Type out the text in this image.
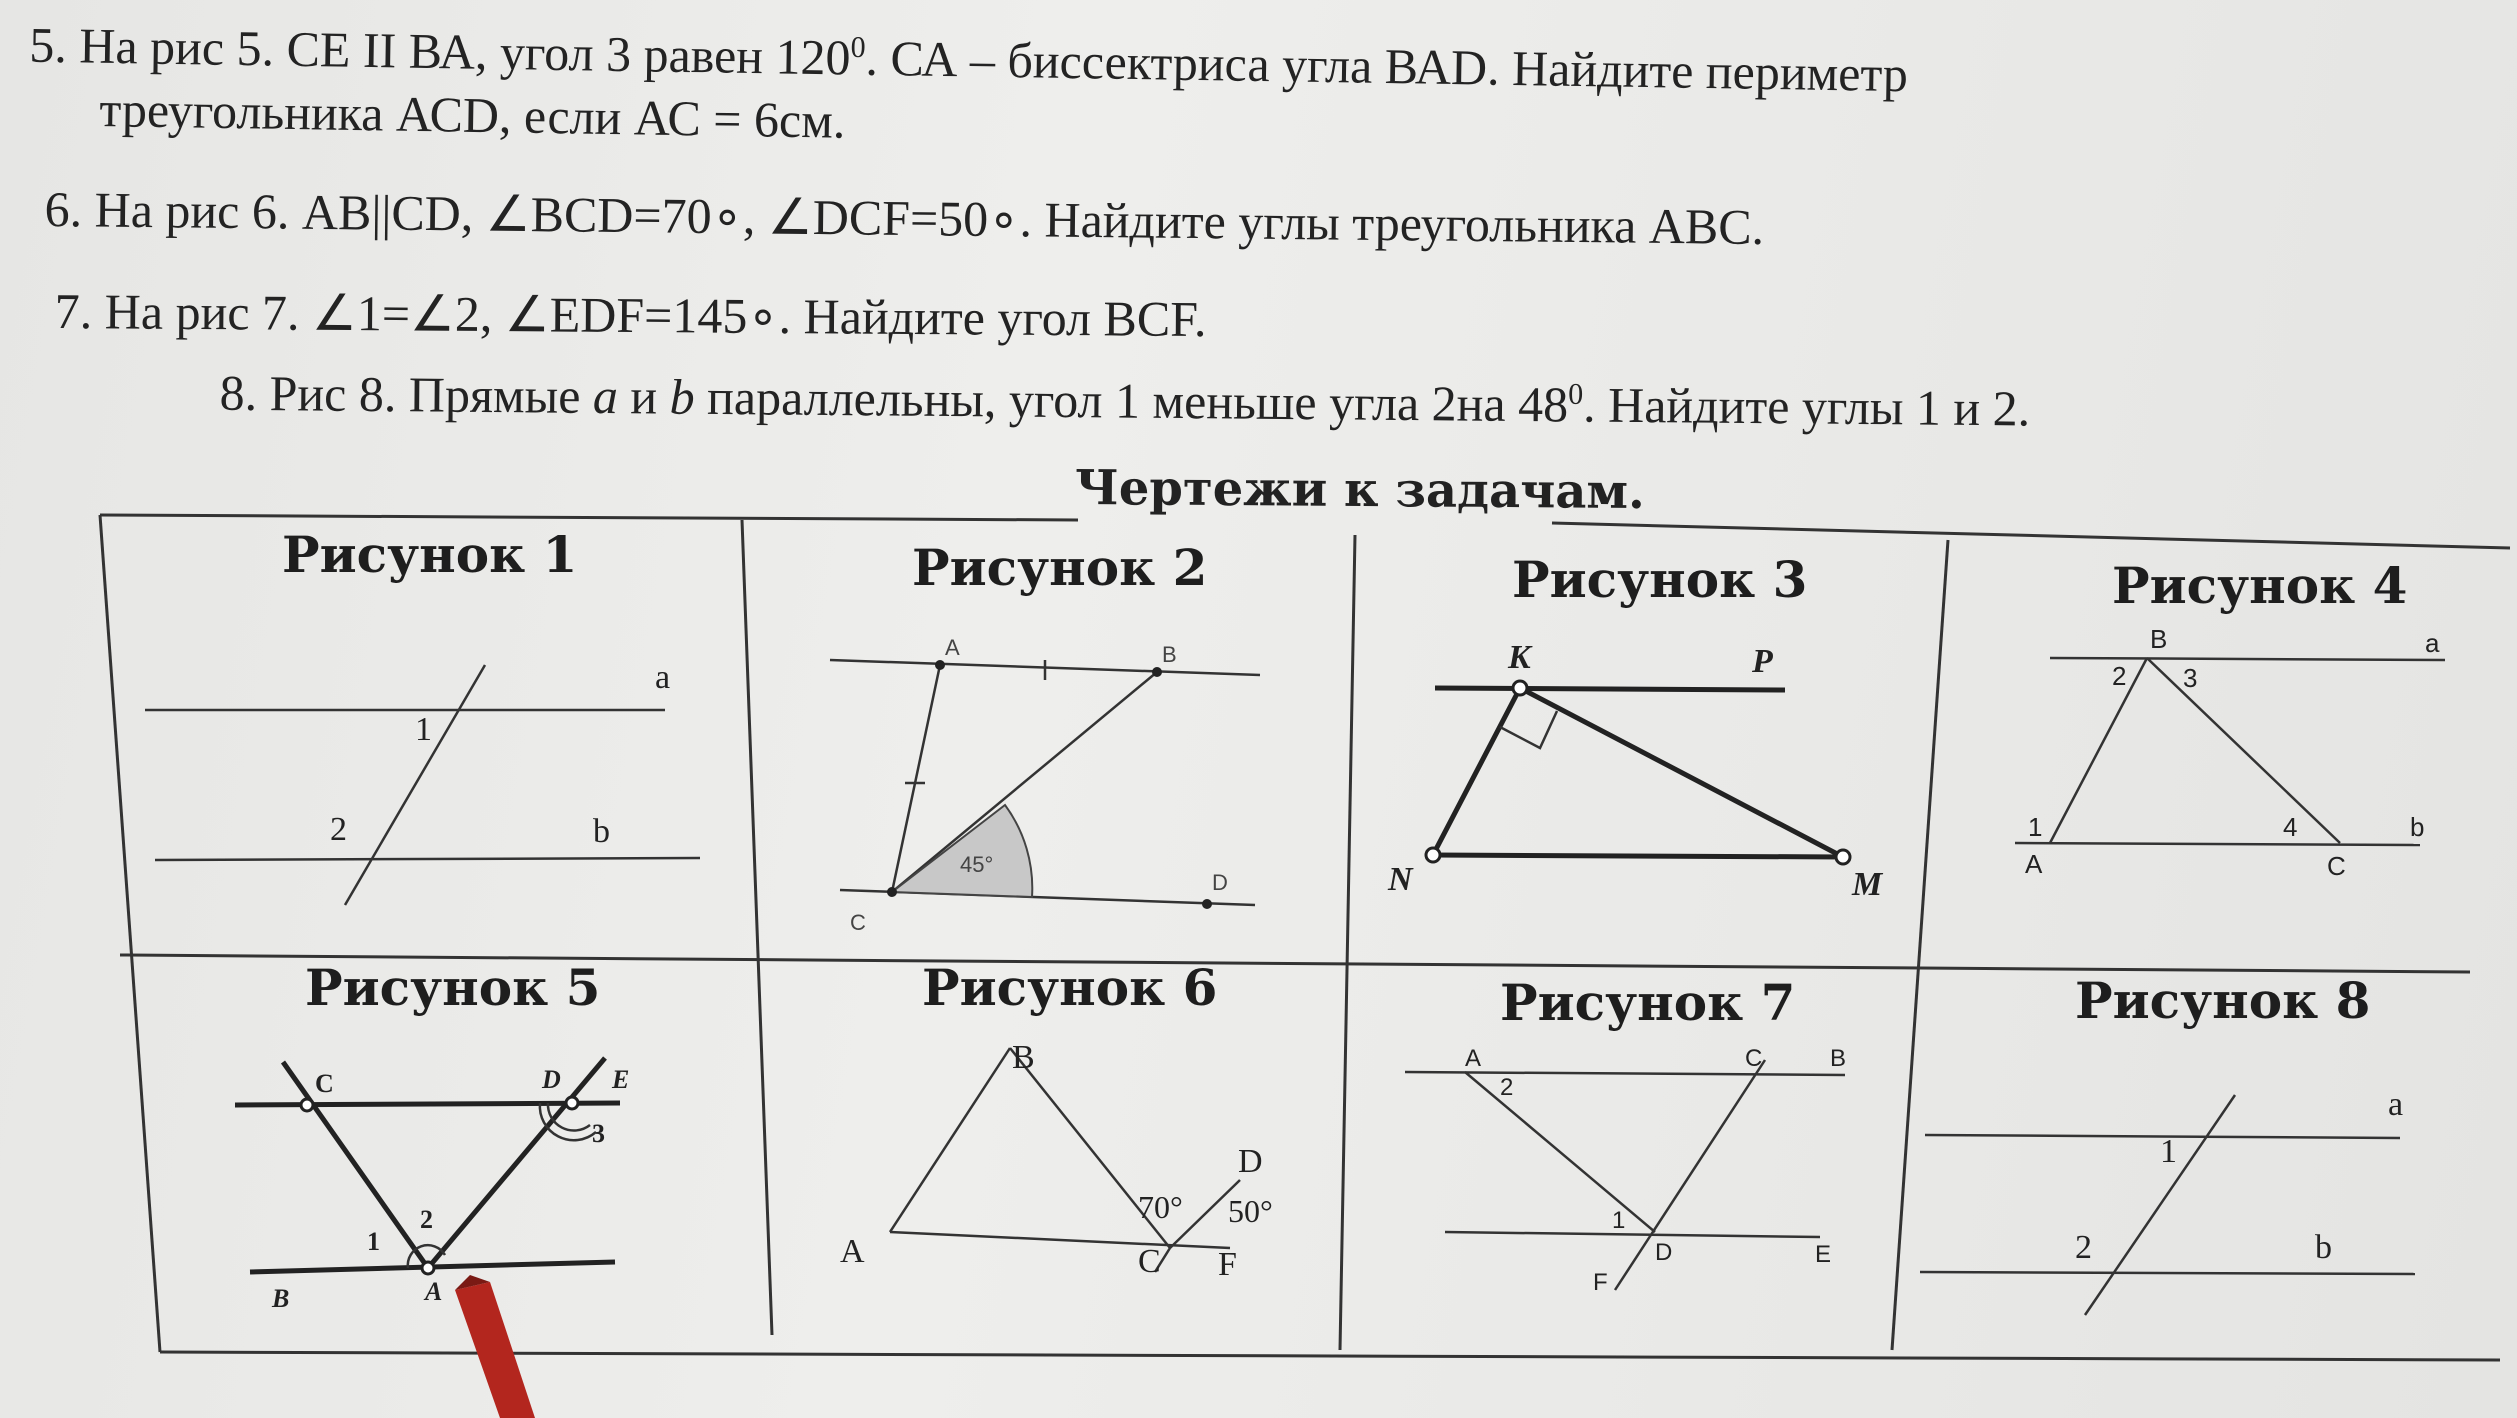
5. На рис 5. СЕ II ВА, угол 3 равен $120^0$. СА – биссектриса угла ВАD. Найдите периметр
треугольника АСD, если АС = 6см.
6. На рис 6. AB||CD, ∠BCD=70∘, ∠DCF=50∘. Найдите углы треугольника ABC.
7. На рис 7. ∠1=∠2, ∠EDF=145∘. Найдите угол BCF.
8. Рис 8. Прямые a и b параллельны, угол 1 меньше угла 2на $48^0$. Найдите углы 1 и 2.
Чертежи к задачам.
Рисунок 1
a
1
2	b
Рисунок 2
A	B
45°
C
D
Рисунок 3
K	P
N	M
Рисунок 4
B	a
2 3
1	4	b
A	C
Рисунок 5
C	D E
3
2
1
B	A
Рисунок 6
B
D
70° 50°
A	C F
Рисунок 7
A	C	B
2
1
D	E
F
Рисунок 8
a
1
2	b
